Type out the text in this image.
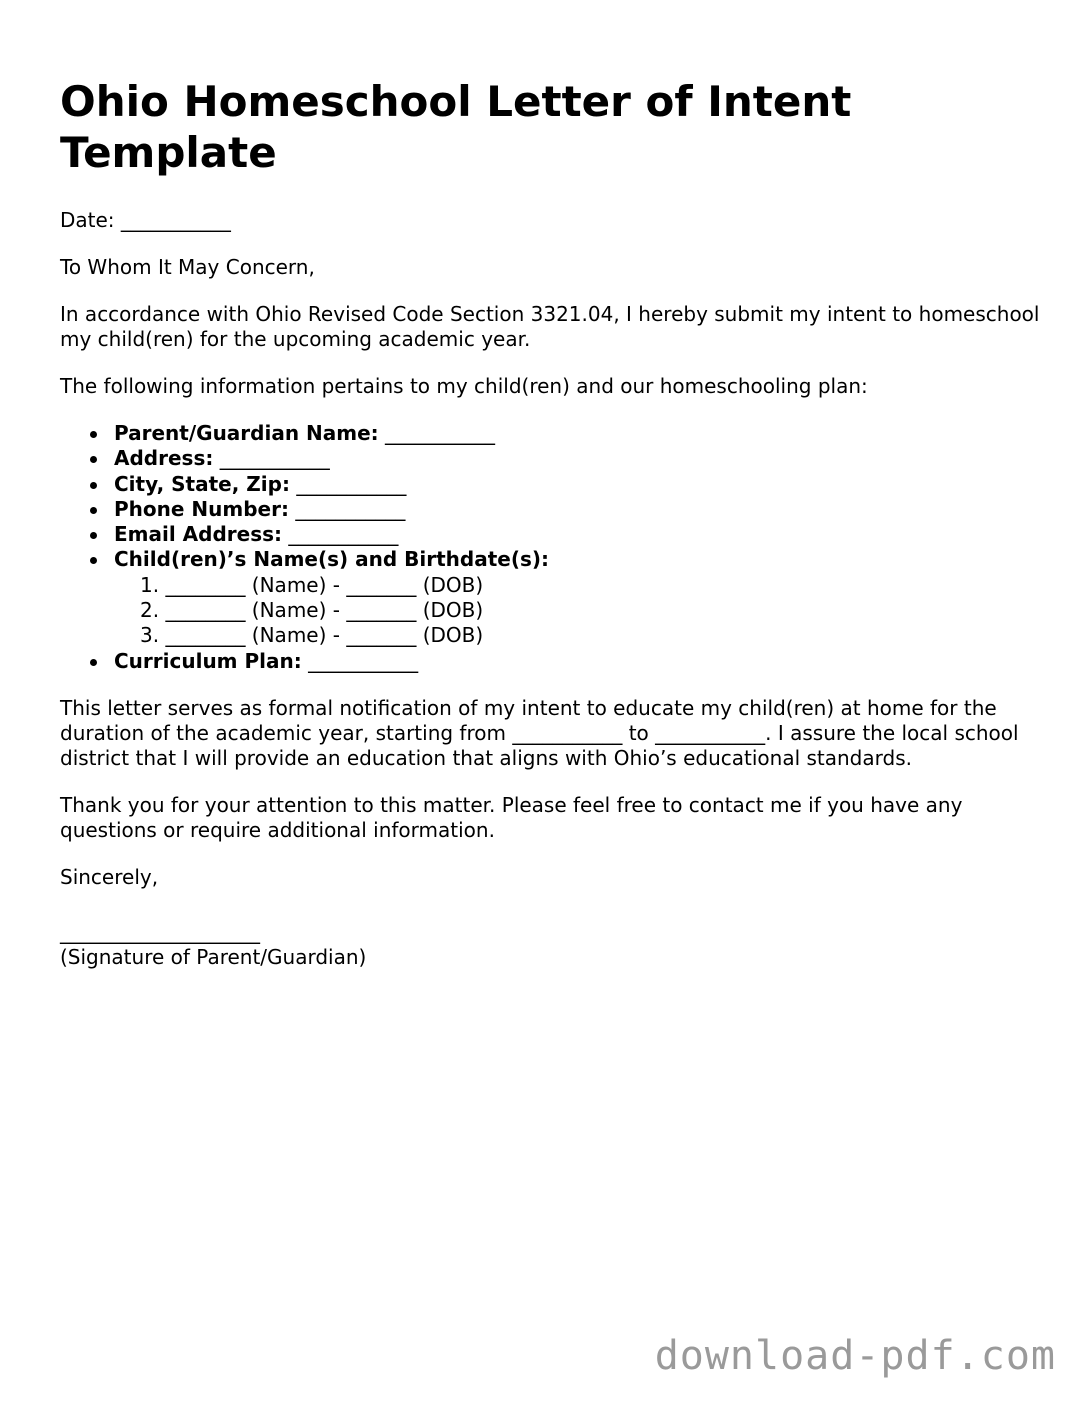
Ohio Homeschool Letter of Intent Template

Date: ___________

To Whom It May Concern,

In accordance with Ohio Revised Code Section 3321.04, I hereby submit my intent to homeschool my child(ren) for the upcoming academic year.

The following information pertains to my child(ren) and our homeschooling plan:

Parent/Guardian Name: ___________
Address: ___________
City, State, Zip: ___________
Phone Number: ___________
Email Address: ___________
Child(ren)’s Name(s) and Birthdate(s):
1. ________ (Name) - _______ (DOB)
2. ________ (Name) - _______ (DOB)
3. ________ (Name) - _______ (DOB)
Curriculum Plan: ___________

This letter serves as formal notification of my intent to educate my child(ren) at home for the duration of the academic year, starting from ___________ to ___________. I assure the local school district that I will provide an education that aligns with Ohio’s educational standards.

Thank you for your attention to this matter. Please feel free to contact me if you have any questions or require additional information.

Sincerely,

____________________
(Signature of Parent/Guardian)
download-pdf.com
